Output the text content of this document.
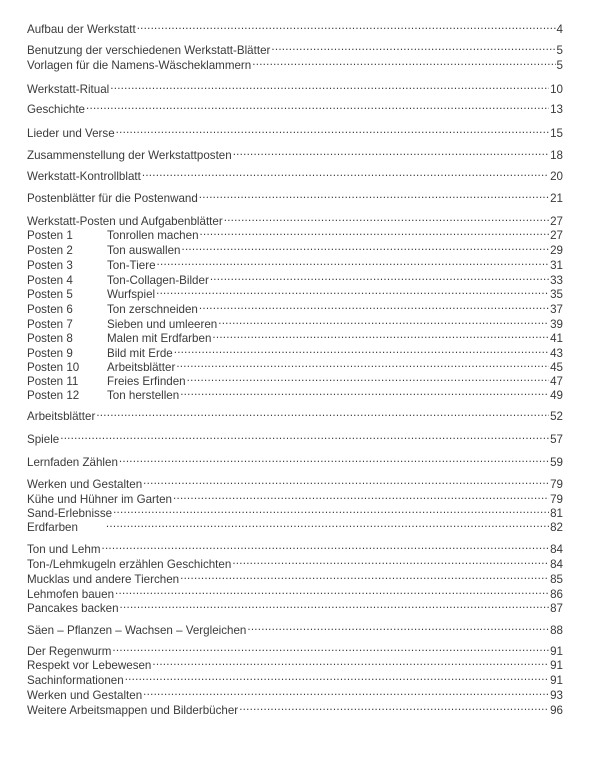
Aufbau der Werkstatt .....	4
Benutzung der verschiedenen Werkstatt-Blätter .....	5
Vorlagen für die Namens-Wäscheklammern .....	5
Werkstatt-Ritual .....	10
Geschichte .....	13
Lieder und Verse .....	15
Zusammenstellung der Werkstattposten .....	18
Werkstatt-Kontrollblatt .....	20
Postenblätter für die Postenwand .....	21
Werkstatt-Posten und Aufgabenblätter .....	27
Posten 1	Tonrollen machen .....	27
Posten 2	Ton auswallen .....	29
Posten 3	Ton-Tiere .....	31
Posten 4	Ton-Collagen-Bilder .....	33
Posten 5	Wurfspiel .....	35
Posten 6	Ton zerschneiden .....	37
Posten 7	Sieben und umleeren .....	39
Posten 8	Malen mit Erdfarben .....	41
Posten 9	Bild mit Erde .....	43
Posten 10	Arbeitsblätter .....	45
Posten 11	Freies Erfinden .....	47
Posten 12	Ton herstellen .....	49
Arbeitsblätter .....	52
Spiele .....	57
Lernfaden Zählen .....	59
Werken und Gestalten .....	79
Kühe und Hühner im Garten .....	79
Sand-Erlebnisse .....	81
Erdfarben .....	82
Ton und Lehm .....	84
Ton-/Lehmkugeln erzählen Geschichten .....	84
Mucklas und andere Tierchen .....	85
Lehmofen bauen .....	86
Pancakes backen .....	87
Säen – Pflanzen – Wachsen – Vergleichen .....	88
Der Regenwurm .....	91
Respekt vor Lebewesen .....	91
Sachinformationen .....	91
Werken und Gestalten .....	93
Weitere Arbeitsmappen und Bilderbücher .....	96
